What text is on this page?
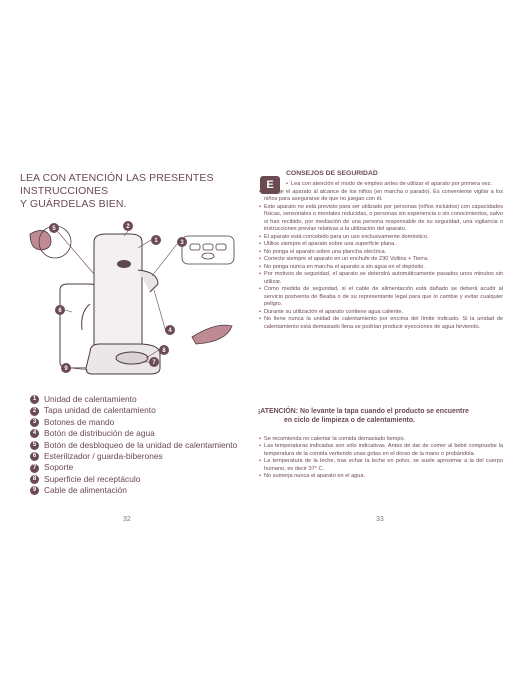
LEA CON ATENCIÓN LAS PRESENTES INSTRUCCIONES
Y GUÁRDELAS BIEN.
2
1	3
4
5
6
7
8
9
1 Unidad de calentamiento
2 Tapa unidad de calentamiento
3 Botones de mando
4 Botón de distribución de agua
5 Botón de desbloqueo de la unidad de calentamiento
6 Esterilizador / guarda-biberones
7 Soporte
8 Superficie del receptáculo
9 Cable de alimentación
32
E
CONSEJOS DE SEGURIDAD
• Lea con atención el modo de empleo antes de utilizar el aparato por primera vez.
• No deje el aparato al alcance de los niños (en marcha o parado). Es conveniente vigilar a los niños para asegurarse de que no juegan con él.
• Este aparato no está previsto para ser utilizado por personas (niños incluidos) con capacidades físicas, sensoriales o mentales reducidas, o personas sin experiencia o sin conocimientos, salvo si han recibido, por mediación de una persona responsable de su seguridad, una vigilancia o instrucciones previas relativas a la utilización del aparato.
• El aparato está concebido para un uso exclusivamente doméstico.
• Utilice siempre el aparato sobre una superficie plana.
• No ponga el aparato sobre una plancha eléctrica.
• Conecte siempre el aparato en un enchufe de 230 Voltios + Tierra.
• No ponga nunca en marcha el aparato a sin agua en el depósito.
• Por motivos de seguridad, el aparato se detendrá automáticamente pasados unos minutos sin utilizar.
• Como medida de seguridad, si el cable de alimentación está dañado se deberá acudir al servicio postventa de Beaba o de su representante legal para que lo cambie y evitar cualquier peligro.
• Durante su utilización el aparato contiene agua caliente.
• No llene nunca la unidad de calentamiento por encima del límite indicado. Si la unidad de calentamiento está demasiado llena se podrían producir eyecciones de agua hirviendo.

¡ATENCIÓN: No levante la tapa cuando el producto se encuentre
en ciclo de limpieza o de calentamiento.

• Se recomienda no calentar la comida demasiado tiempo.
• Las temperaturas indicadas son sólo indicativas. Antes de dar de comer al bebé compruebe la temperatura de la comida vertiendo unas gotas en el dorso de la mano o probándola.
• La temperatura de la leche, tras echar la leche en polvo, se suele aproximar a la del cuerpo humano, es decir 37° C.
• No sumerja nunca el aparato en el agua.
33
